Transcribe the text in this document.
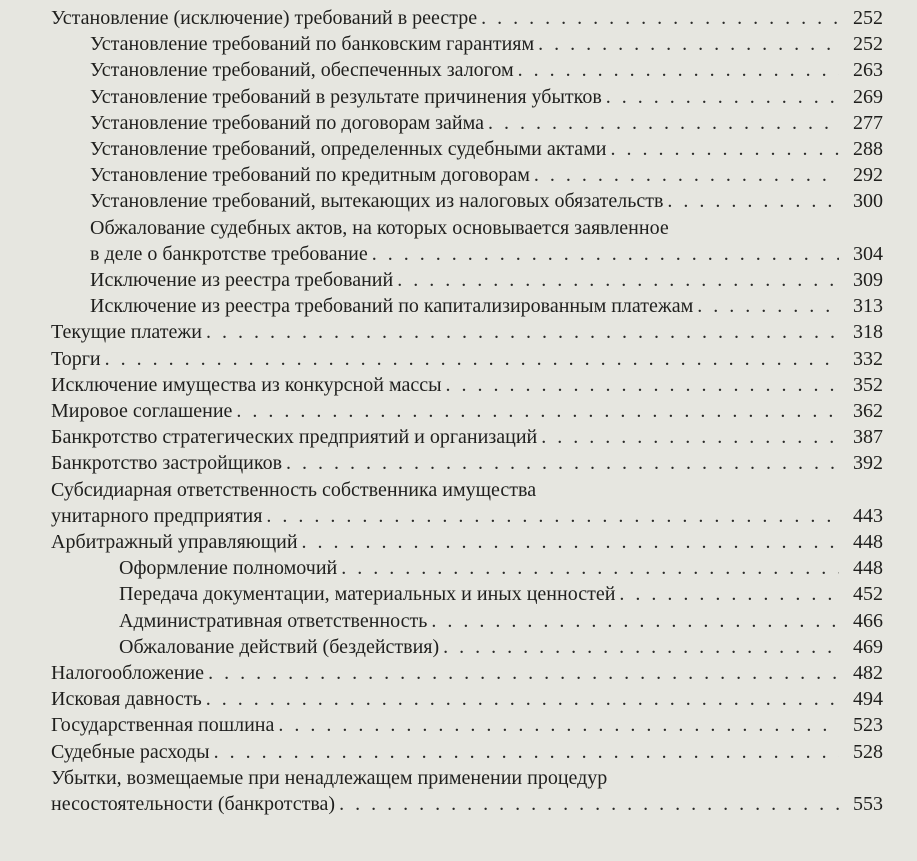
Установление (исключение) требований в реестре . . .	252
Установление требований по банковским гарантиям . . .	252
Установление требований, обеспеченных залогом . . .	263
Установление требований в результате причинения убытков . . .	269
Установление требований по договорам займа . . .	277
Установление требований, определенных судебными актами . . .	288
Установление требований по кредитным договорам . . .	292
Установление требований, вытекающих из налоговых обязательств . . .	300
Обжалование судебных актов, на которых основывается заявленное
в деле о банкротстве требование . . .	304
Исключение из реестра требований . . .	309
Исключение из реестра требований по капитализированным платежам . . .	313
Текущие платежи . . .	318
Торги . . .	332
Исключение имущества из конкурсной массы . . .	352
Мировое соглашение . . .	362
Банкротство стратегических предприятий и организаций . . .	387
Банкротство застройщиков . . .	392
Субсидиарная ответственность собственника имущества
унитарного предприятия . . .	443
Арбитражный управляющий . . .	448
Оформление полномочий . . .	448
Передача документации, материальных и иных ценностей . . .	452
Административная ответственность . . .	466
Обжалование действий (бездействия) . . .	469
Налогообложение . . .	482
Исковая давность . . .	494
Государственная пошлина . . .	523
Судебные расходы . . .	528
Убытки, возмещаемые при ненадлежащем применении процедур
несостоятельности (банкротства) . . .	553
